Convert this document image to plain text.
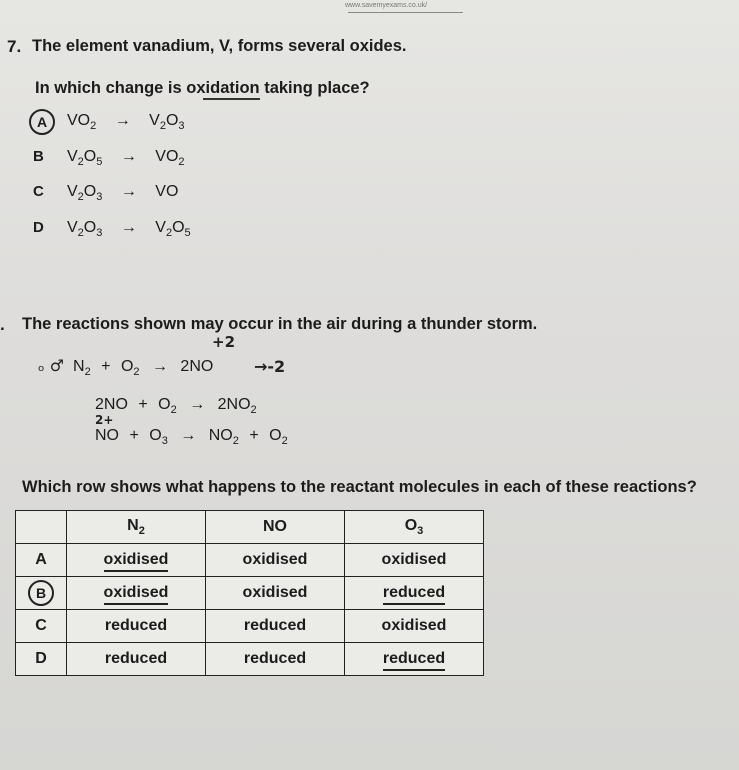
www.savemyexams.co.uk/
7. The element vanadium, V, forms several oxides.
In which change is oxidation taking place?
A	$VO_2 \to V_2O_3$
B $V_2O_5 \to VO_2$
C $V_2O_3$ → VO
D $V_2O_3 \to V_2O_5$
. The reactions shown may occur in the air during a thunder storm.
ₒ ♂
+2
→-2
2+
$N_2 + O_2 \to 2NO$
$2NO + O_2 \to 2NO_2$
NO + $O_3 \to NO_2 + O_2$
Which row shows what happens to the reactant molecules in each of these reactions?
	$N_2$	NO	$O_3$
A	oxidised	oxidised	oxidised
B	oxidised	oxidised	reduced
C	reduced	reduced	oxidised
D	reduced	reduced	reduced
